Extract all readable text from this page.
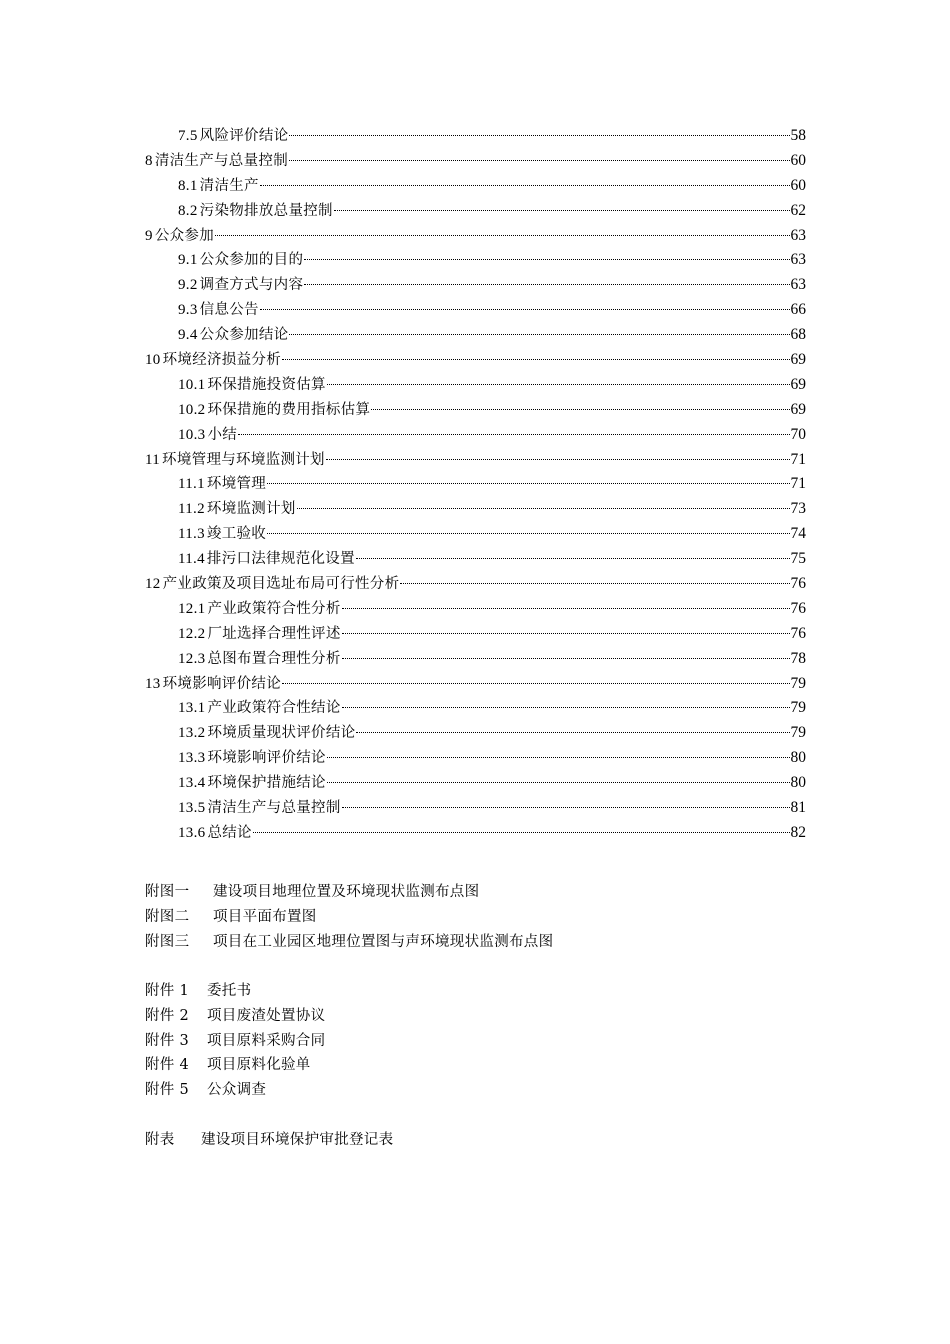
7.5 风险评价结论	58
8 清洁生产与总量控制	60
8.1 清洁生产	60
8.2 污染物排放总量控制	62
9 公众参加	63
9.1 公众参加的目的	63
9.2 调查方式与内容	63
9.3 信息公告	66
9.4 公众参加结论	68
10 环境经济损益分析	69
10.1 环保措施投资估算	69
10.2 环保措施的费用指标估算	69
10.3 小结	70
11 环境管理与环境监测计划	71
11.1 环境管理	71
11.2 环境监测计划	73
11.3 竣工验收	74
11.4 排污口法律规范化设置	75
12 产业政策及项目选址布局可行性分析	76
12.1 产业政策符合性分析	76
12.2 厂址选择合理性评述	76
12.3 总图布置合理性分析	78
13 环境影响评价结论	79
13.1 产业政策符合性结论	79
13.2 环境质量现状评价结论	79
13.3 环境影响评价结论	80
13.4 环境保护措施结论	80
13.5 清洁生产与总量控制	81
13.6 总结论	82
附图一 建设项目地理位置及环境现状监测布点图
附图二 项目平面布置图
附图三 项目在工业园区地理位置图与声环境现状监测布点图
附件 1 委托书
附件 2 项目废渣处置协议
附件 3 项目原料采购合同
附件 4 项目原料化验单
附件 5 公众调查
附表 建设项目环境保护审批登记表
